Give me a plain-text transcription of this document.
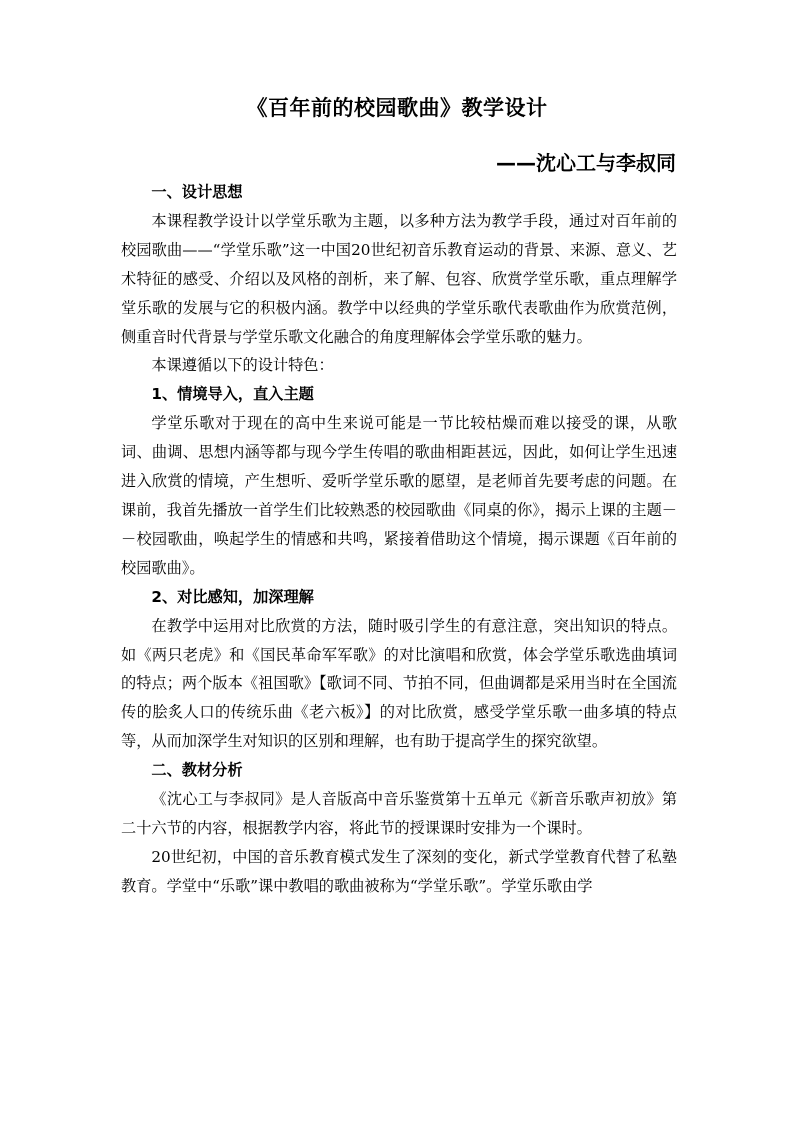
《百年前的校园歌曲》教学设计
——沈心工与李叔同
一、设计思想

本课程教学设计以学堂乐歌为主题，以多种方法为教学手段，通过对百年前的校园歌曲——“学堂乐歌”这一中国20世纪初音乐教育运动的背景、来源、意义、艺术特征的感受、介绍以及风格的剖析，来了解、包容、欣赏学堂乐歌，重点理解学堂乐歌的发展与它的积极内涵。教学中以经典的学堂乐歌代表歌曲作为欣赏范例，侧重音时代背景与学堂乐歌文化融合的角度理解体会学堂乐歌的魅力。

本课遵循以下的设计特色：

1、情境导入，直入主题

学堂乐歌对于现在的高中生来说可能是一节比较枯燥而难以接受的课，从歌词、曲调、思想内涵等都与现今学生传唱的歌曲相距甚远，因此，如何让学生迅速进入欣赏的情境，产生想听、爱听学堂乐歌的愿望，是老师首先要考虑的问题。在课前，我首先播放一首学生们比较熟悉的校园歌曲《同桌的你》，揭示上课的主题－－校园歌曲，唤起学生的情感和共鸣，紧接着借助这个情境，揭示课题《百年前的校园歌曲》。

2、对比感知，加深理解

在教学中运用对比欣赏的方法，随时吸引学生的有意注意，突出知识的特点。如《两只老虎》和《国民革命军军歌》的对比演唱和欣赏，体会学堂乐歌选曲填词的特点；两个版本《祖国歌》【歌词不同、节拍不同，但曲调都是采用当时在全国流传的脍炙人口的传统乐曲《老六板》】的对比欣赏，感受学堂乐歌一曲多填的特点等，从而加深学生对知识的区别和理解，也有助于提高学生的探究欲望。

二、教材分析

《沈心工与李叔同》是人音版高中音乐鉴赏第十五单元《新音乐歌声初放》第二十六节的内容，根据教学内容，将此节的授课课时安排为一个课时。

20世纪初，中国的音乐教育模式发生了深刻的变化，新式学堂教育代替了私塾教育。学堂中“乐歌”课中教唱的歌曲被称为“学堂乐歌”。学堂乐歌由学
